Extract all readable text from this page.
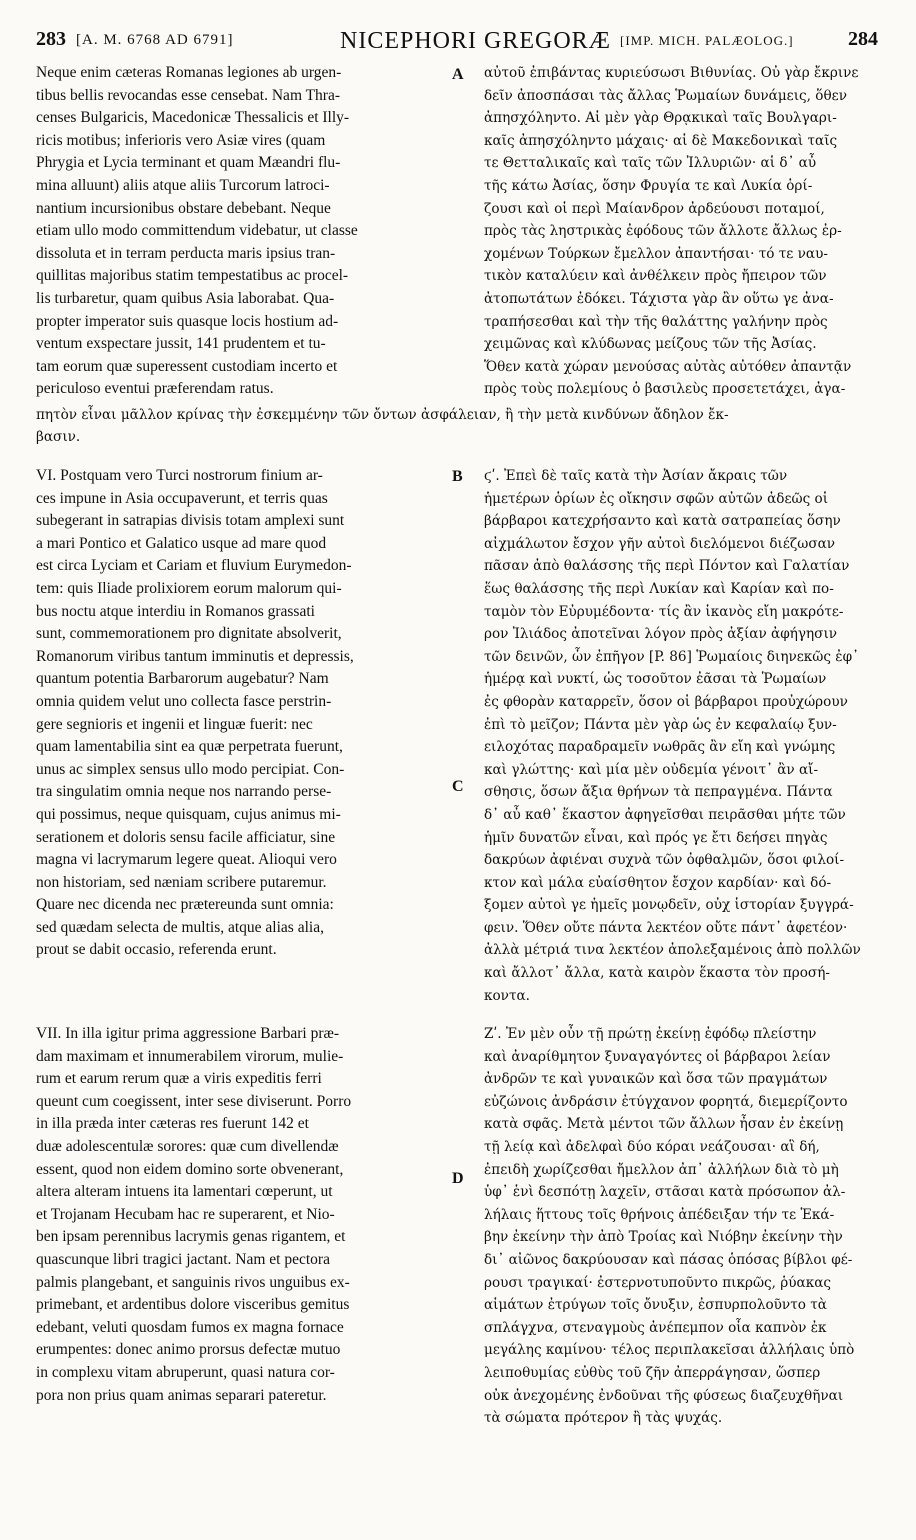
283 [A. M. 6768 AD 6791]	NICEPHORI GREGORÆ [IMP. MICH. PALÆOLOG.]	284
Neque enim cæteras Romanas legiones ab urgen-
tibus bellis revocandas esse censebat. Nam Thra-
censes Bulgaricis, Macedonicæ Thessalicis et Illy-
ricis motibus; inferioris vero Asiæ vires (quam
Phrygia et Lycia terminant et quam Mæandri flu-
mina alluunt) aliis atque aliis Turcorum latroci-
nantium incursionibus obstare debebant. Neque
etiam ullo modo committendum videbatur, ut classe
dissoluta et in terram perducta maris ipsius tran-
quillitas majoribus statim tempestatibus ac procel-
lis turbaretur, quam quibus Asia laborabat. Qua-
propter imperator suis quasque locis hostium ad-
ventum exspectare jussit, 141 prudentem et tu-
tam eorum quæ superessent custodiam incerto et
periculoso eventui præferendam ratus.
αὐτοῦ ἐπιβάντας κυριεύσωσι Βιθυνίας. Οὐ γὰρ ἔκρινε
δεῖν ἀποσπάσαι τὰς ἄλλας Ῥωμαίων δυνάμεις, ὅθεν
ἀπησχόληντο. Αἱ μὲν γὰρ Θρᾳκικαὶ ταῖς Βουλγαρι-
καῖς ἀπησχόληντο μάχαις· αἱ δὲ Μακεδονικαὶ ταῖς
τε Θετταλικαῖς καὶ ταῖς τῶν Ἰλλυριῶν· αἱ δ᾽ αὖ
τῆς κάτω Ἀσίας, ὅσην Φρυγία τε καὶ Λυκία ὁρί-
ζουσι καὶ οἱ περὶ Μαίανδρον ἀρδεύουσι ποταμοί,
πρὸς τὰς ληστρικὰς ἐφόδους τῶν ἄλλοτε ἄλλως ἐρ-
χομένων Τούρκων ἔμελλον ἀπαντήσαι· τό τε ναυ-
τικὸν καταλύειν καὶ ἀνθέλκειν πρὸς ἤπειρον τῶν
ἀτοπωτάτων ἐδόκει. Τάχιστα γὰρ ἂν οὕτω γε ἀνα-
τραπήσεσθαι καὶ τὴν τῆς θαλάττης γαλήνην πρὸς
χειμῶνας καὶ κλύδωνας μείζους τῶν τῆς Ἀσίας.
Ὅθεν κατὰ χώραν μενούσας αὐτὰς αὐτόθεν ἀπαντᾷν
πρὸς τοὺς πολεμίους ὁ βασιλεὺς προσετετάχει, ἀγα-
πητὸν εἶναι μᾶλλον κρίνας τὴν ἐσκεμμένην τῶν ὄντων ἀσφάλειαν, ἢ τὴν μετὰ κινδύνων ἄδηλον ἔκ-
βασιν.
VI. Postquam vero Turci nostrorum finium ar-
ces impune in Asia occupaverunt, et terris quas
subegerant in satrapias divisis totam amplexi sunt
a mari Pontico et Galatico usque ad mare quod
est circa Lyciam et Cariam et fluvium Eurymedon-
tem: quis Iliade prolixiorem eorum malorum qui-
bus noctu atque interdiu in Romanos grassati
sunt, commemorationem pro dignitate absolverit,
Romanorum viribus tantum imminutis et depressis,
quantum potentia Barbarorum augebatur? Nam
omnia quidem velut uno collecta fasce perstrin-
gere segnioris et ingenii et linguæ fuerit: nec
quam lamentabilia sint ea quæ perpetrata fuerunt,
unus ac simplex sensus ullo modo percipiat. Con-
tra singulatim omnia neque nos narrando perse-
qui possimus, neque quisquam, cujus animus mi-
serationem et doloris sensu facile afficiatur, sine
magna vi lacrymarum legere queat. Alioqui vero
non historiam, sed næniam scribere putaremur.
Quare nec dicenda nec prætereunda sunt omnia:
sed quædam selecta de multis, atque alias alia,
prout se dabit occasio, referenda erunt.
ϛʹ. Ἐπεὶ δὲ ταῖς κατὰ τὴν Ἀσίαν ἄκραις τῶν
ἡμετέρων ὁρίων ἐς οἴκησιν σφῶν αὐτῶν ἀδεῶς οἱ
βάρβαροι κατεχρήσαντο καὶ κατὰ σατραπείας ὅσην
αἰχμάλωτον ἔσχον γῆν αὐτοὶ διελόμενοι διέζωσαν
πᾶσαν ἀπὸ θαλάσσης τῆς περὶ Πόντον καὶ Γαλατίαν
ἕως θαλάσσης τῆς περὶ Λυκίαν καὶ Καρίαν καὶ πο-
ταμὸν τὸν Εὐρυμέδοντα· τίς ἂν ἱκανὸς εἴη μακρότε-
ρον Ἰλιάδος ἀποτεῖναι λόγον πρὸς ἀξίαν ἀφήγησιν
τῶν δεινῶν, ὧν ἐπῆγον [P. 86] Ῥωμαίοις διηνεκῶς ἐφ᾽
ἡμέρᾳ καὶ νυκτί, ὡς τοσοῦτον ἐᾶσαι τὰ Ῥωμαίων
ἐς φθορὰν καταρρεῖν, ὅσον οἱ βάρβαροι προὐχώρουν
ἐπὶ τὸ μεῖζον; Πάντα μὲν γὰρ ὡς ἐν κεφαλαίῳ ξυν-
ειλοχότας παραδραμεῖν νωθρᾶς ἂν εἴη καὶ γνώμης
καὶ γλώττης· καὶ μία μὲν οὐδεμία γένοιτ᾽ ἂν αἴ-
σθησις, ὅσων ἄξια θρήνων τὰ πεπραγμένα. Πάντα
δ᾽ αὖ καθ᾽ ἕκαστον ἀφηγεῖσθαι πειρᾶσθαι μήτε τῶν
ἡμῖν δυνατῶν εἶναι, καὶ πρός γε ἔτι δεήσει πηγὰς
δακρύων ἀφιέναι συχνὰ τῶν ὀφθαλμῶν, ὅσοι φιλοί-
κτον καὶ μάλα εὐαίσθητον ἔσχον καρδίαν· καὶ δό-
ξομεν αὐτοὶ γε ἡμεῖς μονῳδεῖν, οὐχ ἱστορίαν ξυγγρά-
φειν. Ὅθεν οὔτε πάντα λεκτέον οὔτε πάντ᾽ ἀφετέον·
ἀλλὰ μέτριά τινα λεκτέον ἀπολεξαμένοις ἀπὸ πολλῶν
καὶ ἄλλοτ᾽ ἄλλα, κατὰ καιρὸν ἕκαστα τὸν προσή-
κοντα.
VII. In illa igitur prima aggressione Barbari præ-
dam maximam et innumerabilem virorum, mulie-
rum et earum rerum quæ a viris expeditis ferri
queunt cum coegissent, inter sese diviserunt. Porro
in illa præda inter cæteras res fuerunt 142 et
duæ adolescentulæ sorores: quæ cum divellendæ
essent, quod non eidem domino sorte obvenerant,
altera alteram intuens ita lamentari cœperunt, ut
et Trojanam Hecubam hac re superarent, et Nio-
ben ipsam perennibus lacrymis genas rigantem, et
quascunque libri tragici jactant. Nam et pectora
palmis plangebant, et sanguinis rivos unguibus ex-
primebant, et ardentibus dolore visceribus gemitus
edebant, veluti quosdam fumos ex magna fornace
erumpentes: donec animo prorsus defectæ mutuo
in complexu vitam abruperunt, quasi natura cor-
pora non prius quam animas separari pateretur.
Ζʹ. Ἐν μὲν οὖν τῇ πρώτῃ ἐκείνῃ ἐφόδῳ πλείστην
καὶ ἀναρίθμητον ξυναγαγόντες οἱ βάρβαροι λείαν
ἀνδρῶν τε καὶ γυναικῶν καὶ ὅσα τῶν πραγμάτων
εὐζώνοις ἀνδράσιν ἐτύγχανον φορητά, διεμερίζοντο
κατὰ σφᾶς. Μετὰ μέντοι τῶν ἄλλων ἦσαν ἐν ἐκείνῃ
τῇ λείᾳ καὶ ἀδελφαὶ δύο κόραι νεάζουσαι· αἳ δή,
ἐπειδὴ χωρίζεσθαι ἤμελλον ἀπ᾽ ἀλλήλων διὰ τὸ μὴ
ὑφ᾽ ἑνὶ δεσπότῃ λαχεῖν, στᾶσαι κατὰ πρόσωπον ἀλ-
λήλαις ἥττους τοῖς θρήνοις ἀπέδειξαν τήν τε Ἑκά-
βην ἐκείνην τὴν ἀπὸ Τροίας καὶ Νιόβην ἐκείνην τὴν
δι᾽ αἰῶνος δακρύουσαν καὶ πάσας ὁπόσας βίβλοι φέ-
ρουσι τραγικαί· ἐστερνοτυποῦντο πικρῶς, ῥύακας
αἱμάτων ἐτρύγων τοῖς ὄνυξιν, ἐσπυρπολοῦντο τὰ
σπλάγχνα, στεναγμοὺς ἀνέπεμπον οἷα καπνὸν ἐκ
μεγάλης καμίνου· τέλος περιπλακεῖσαι ἀλλήλαις ὑπὸ
λειποθυμίας εὐθὺς τοῦ ζῆν ἀπερράγησαν, ὥσπερ
οὐκ ἀνεχομένης ἐνδοῦναι τῆς φύσεως διαζευχθῆναι
τὰ σώματα πρότερον ἢ τὰς ψυχάς.
A
B
C
D
